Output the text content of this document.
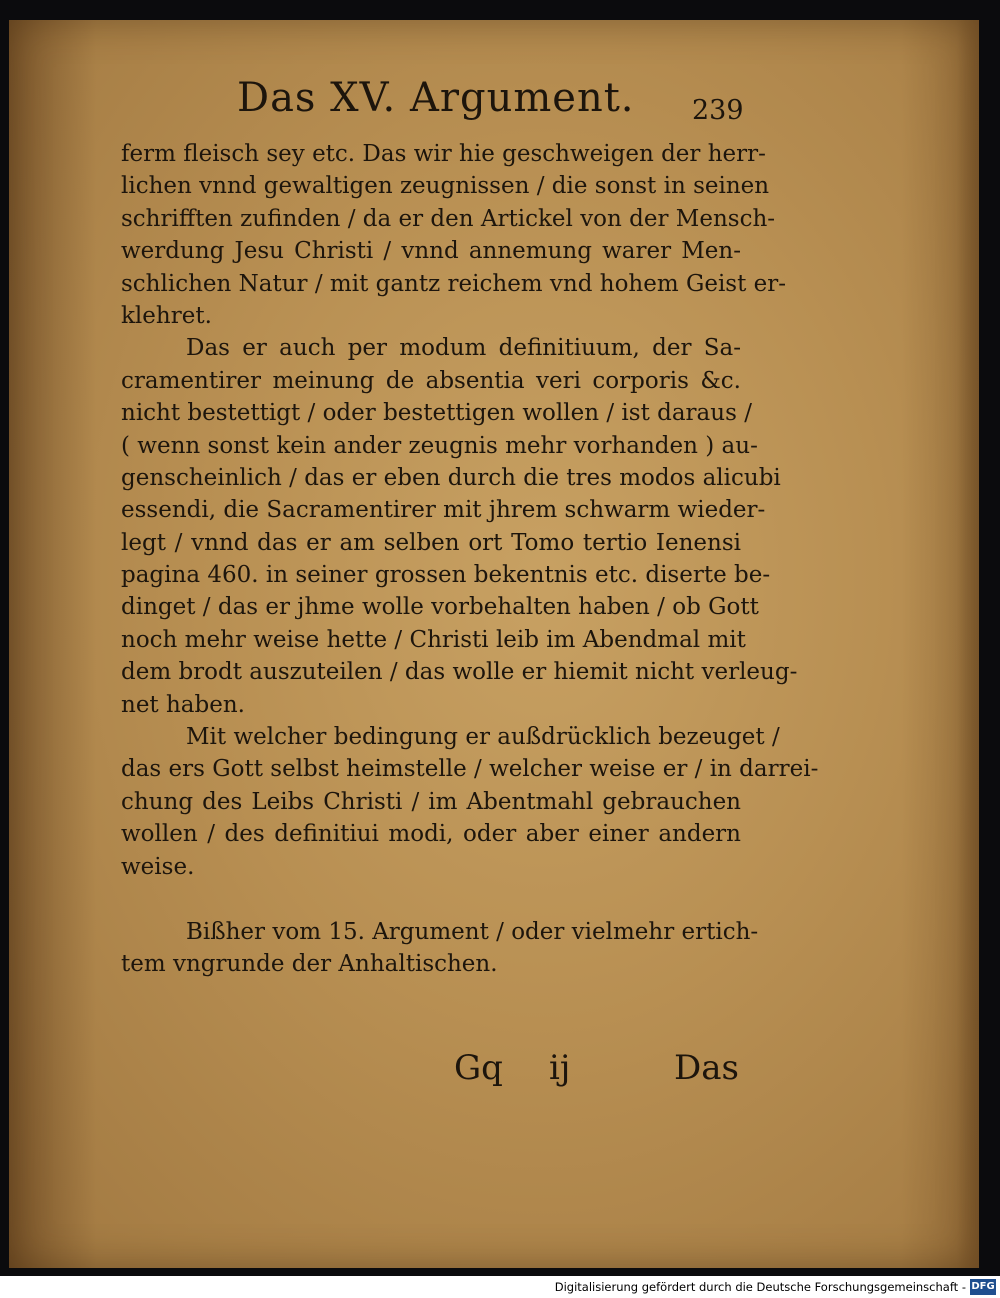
Das XV. Argument. 239
ferm fleisch sey etc. Das wir hie geschweigen der herr-
lichen vnnd gewaltigen zeugnissen / die sonst in seinen
schrifften zufinden / da er den Artickel von der Mensch-
werdung Jesu Christi / vnnd annemung warer Men-
schlichen Natur / mit gantz reichem vnd hohem Geist er-
klehret.
Das er auch per modum definitiuum, der Sa-
cramentirer meinung de absentia veri corporis &c.
nicht bestettigt / oder bestettigen wollen / ist daraus /
( wenn sonst kein ander zeugnis mehr vorhanden ) au-
genscheinlich / das er eben durch die tres modos alicubi
essendi, die Sacramentirer mit jhrem schwarm wieder-
legt / vnnd das er am selben ort Tomo tertio Ienensi
pagina 460. in seiner grossen bekentnis etc. diserte be-
dinget / das er jhme wolle vorbehalten haben / ob Gott
noch mehr weise hette / Christi leib im Abendmal mit
dem brodt auszuteilen / das wolle er hiemit nicht verleug-
net haben.
Mit welcher bedingung er außdrücklich bezeuget /
das ers Gott selbst heimstelle / welcher weise er / in darrei-
chung des Leibs Christi / im Abentmahl gebrauchen
wollen / des definitiui modi, oder aber einer andern
weise.
Bißher vom 15. Argument / oder vielmehr ertich-
tem vngrunde der Anhaltischen.
Gq ij	Das
Digitalisierung gefördert durch die Deutsche Forschungsgemeinschaft - DFG
